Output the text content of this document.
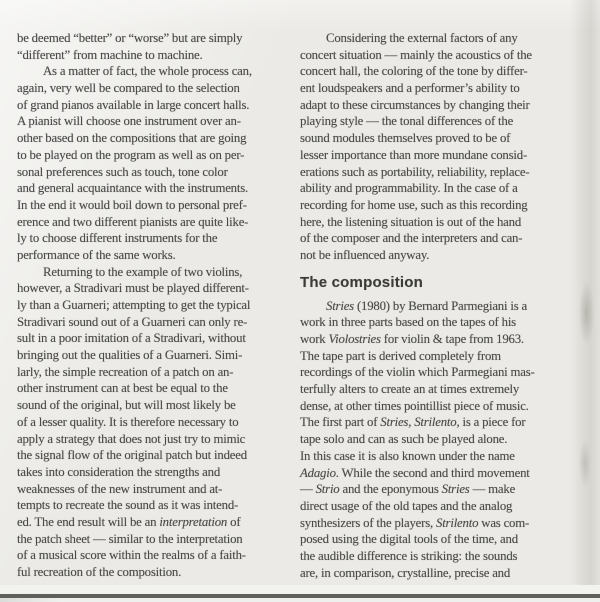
be deemed “better” or “worse” but are simply
“different” from machine to machine.

As a matter of fact, the whole process can,
again, very well be compared to the selection
of grand pianos available in large concert halls.
A pianist will choose one instrument over an-
other based on the compositions that are going
to be played on the program as well as on per-
sonal preferences such as touch, tone color
and general acquaintance with the instruments.
In the end it would boil down to personal pref-
erence and two different pianists are quite like-
ly to choose different instruments for the
performance of the same works.

Returning to the example of two violins,
however, a Stradivari must be played different-
ly than a Guarneri; attempting to get the typical
Stradivari sound out of a Guarneri can only re-
sult in a poor imitation of a Stradivari, without
bringing out the qualities of a Guarneri. Simi-
larly, the simple recreation of a patch on an-
other instrument can at best be equal to the
sound of the original, but will most likely be
of a lesser quality. It is therefore necessary to
apply a strategy that does not just try to mimic
the signal flow of the original patch but indeed
takes into consideration the strengths and
weaknesses of the new instrument and at-
tempts to recreate the sound as it was intend-
ed. The end result will be an interpretation of
the patch sheet — similar to the interpretation
of a musical score within the realms of a faith-
ful recreation of the composition.

Considering the external factors of any
concert situation — mainly the acoustics of the
concert hall, the coloring of the tone by differ-
ent loudspeakers and a performer’s ability to
adapt to these circumstances by changing their
playing style — the tonal differences of the
sound modules themselves proved to be of
lesser importance than more mundane consid-
erations such as portability, reliability, replace-
ability and programmability. In the case of a
recording for home use, such as this recording
here, the listening situation is out of the hand
of the composer and the interpreters and can-
not be influenced anyway.

The composition

Stries (1980) by Bernard Parmegiani is a
work in three parts based on the tapes of his
work Violostries for violin & tape from 1963.
The tape part is derived completely from
recordings of the violin which Parmegiani mas-
terfully alters to create an at times extremely
dense, at other times pointillist piece of music.
The first part of Stries, Strilento, is a piece for
tape solo and can as such be played alone.
In this case it is also known under the name
Adagio. While the second and third movement
— Strio and the eponymous Stries — make
direct usage of the old tapes and the analog
synthesizers of the players, Strilento was com-
posed using the digital tools of the time, and
the audible difference is striking: the sounds
are, in comparison, crystalline, precise and
